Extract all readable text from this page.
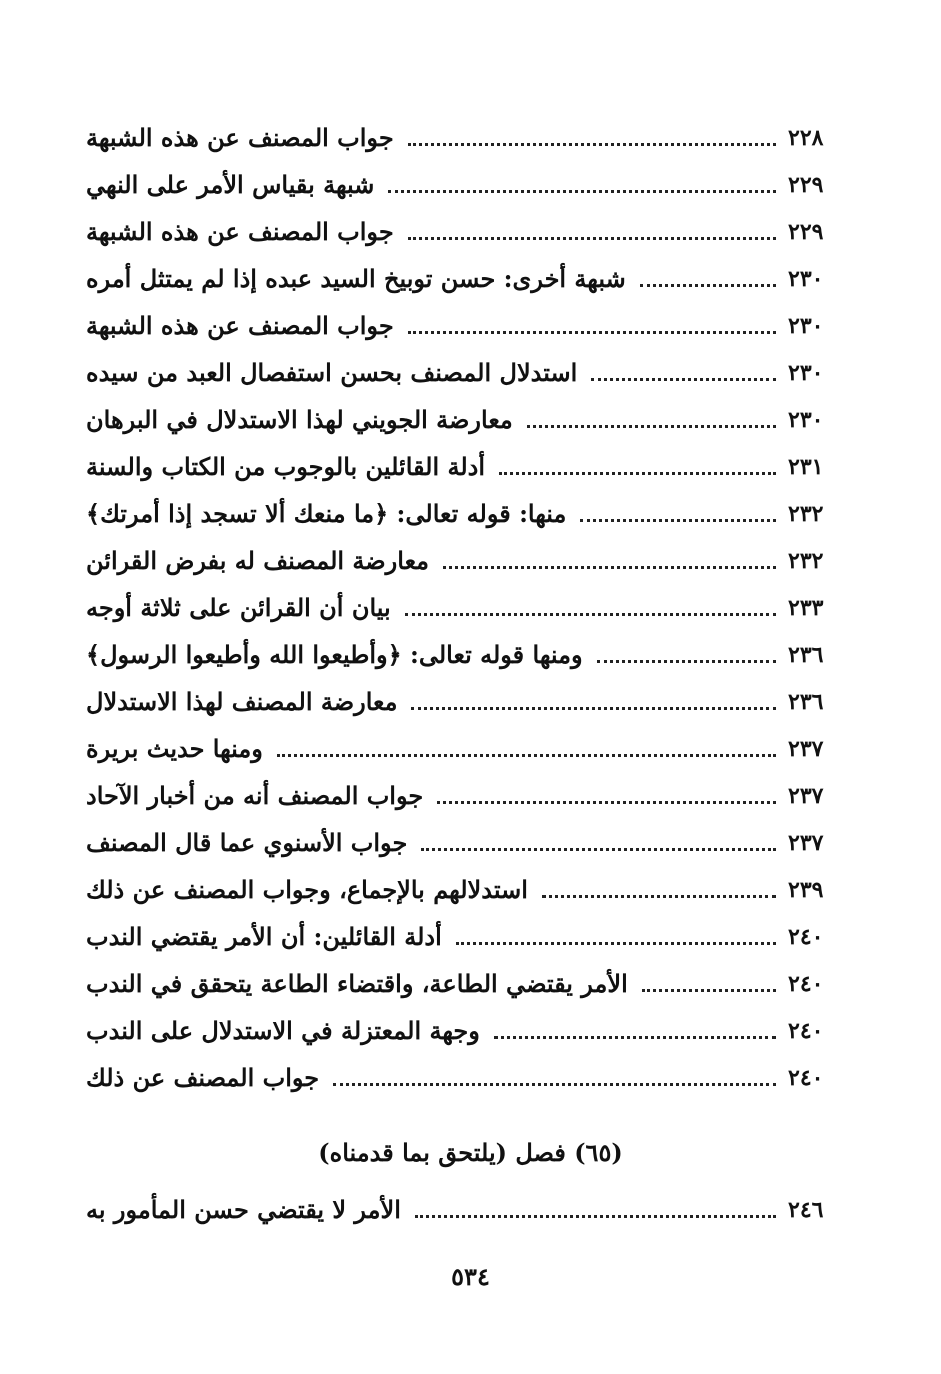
جواب المصنف عن هذه الشبهة	٢٢٨
شبهة بقياس الأمر على النهي	٢٢٩
جواب المصنف عن هذه الشبهة	٢٢٩
شبهة أخرى: حسن توبيخ السيد عبده إذا لم يمتثل أمره	٢٣٠
جواب المصنف عن هذه الشبهة	٢٣٠
استدلال المصنف بحسن استفصال العبد من سيده	٢٣٠
معارضة الجويني لهذا الاستدلال في البرهان	٢٣٠
أدلة القائلين بالوجوب من الكتاب والسنة	٢٣١
منها: قوله تعالى: ﴿ما منعك ألا تسجد إذا أمرتك﴾	٢٣٢
معارضة المصنف له بفرض القرائن	٢٣٢
بيان أن القرائن على ثلاثة أوجه	٢٣٣
ومنها قوله تعالى: ﴿وأطيعوا الله وأطيعوا الرسول﴾	٢٣٦
معارضة المصنف لهذا الاستدلال	٢٣٦
ومنها حديث بريرة	٢٣٧
جواب المصنف أنه من أخبار الآحاد	٢٣٧
جواب الأسنوي عما قال المصنف	٢٣٧
استدلالهم بالإجماع، وجواب المصنف عن ذلك	٢٣٩
أدلة القائلين: أن الأمر يقتضي الندب	٢٤٠
الأمر يقتضي الطاعة، واقتضاء الطاعة يتحقق في الندب	٢٤٠
وجهة المعتزلة في الاستدلال على الندب	٢٤٠
جواب المصنف عن ذلك	٢٤٠
(٦٥) فصل (يلتحق بما قدمناه)
الأمر لا يقتضي حسن المأمور به	٢٤٦
٥٣٤
